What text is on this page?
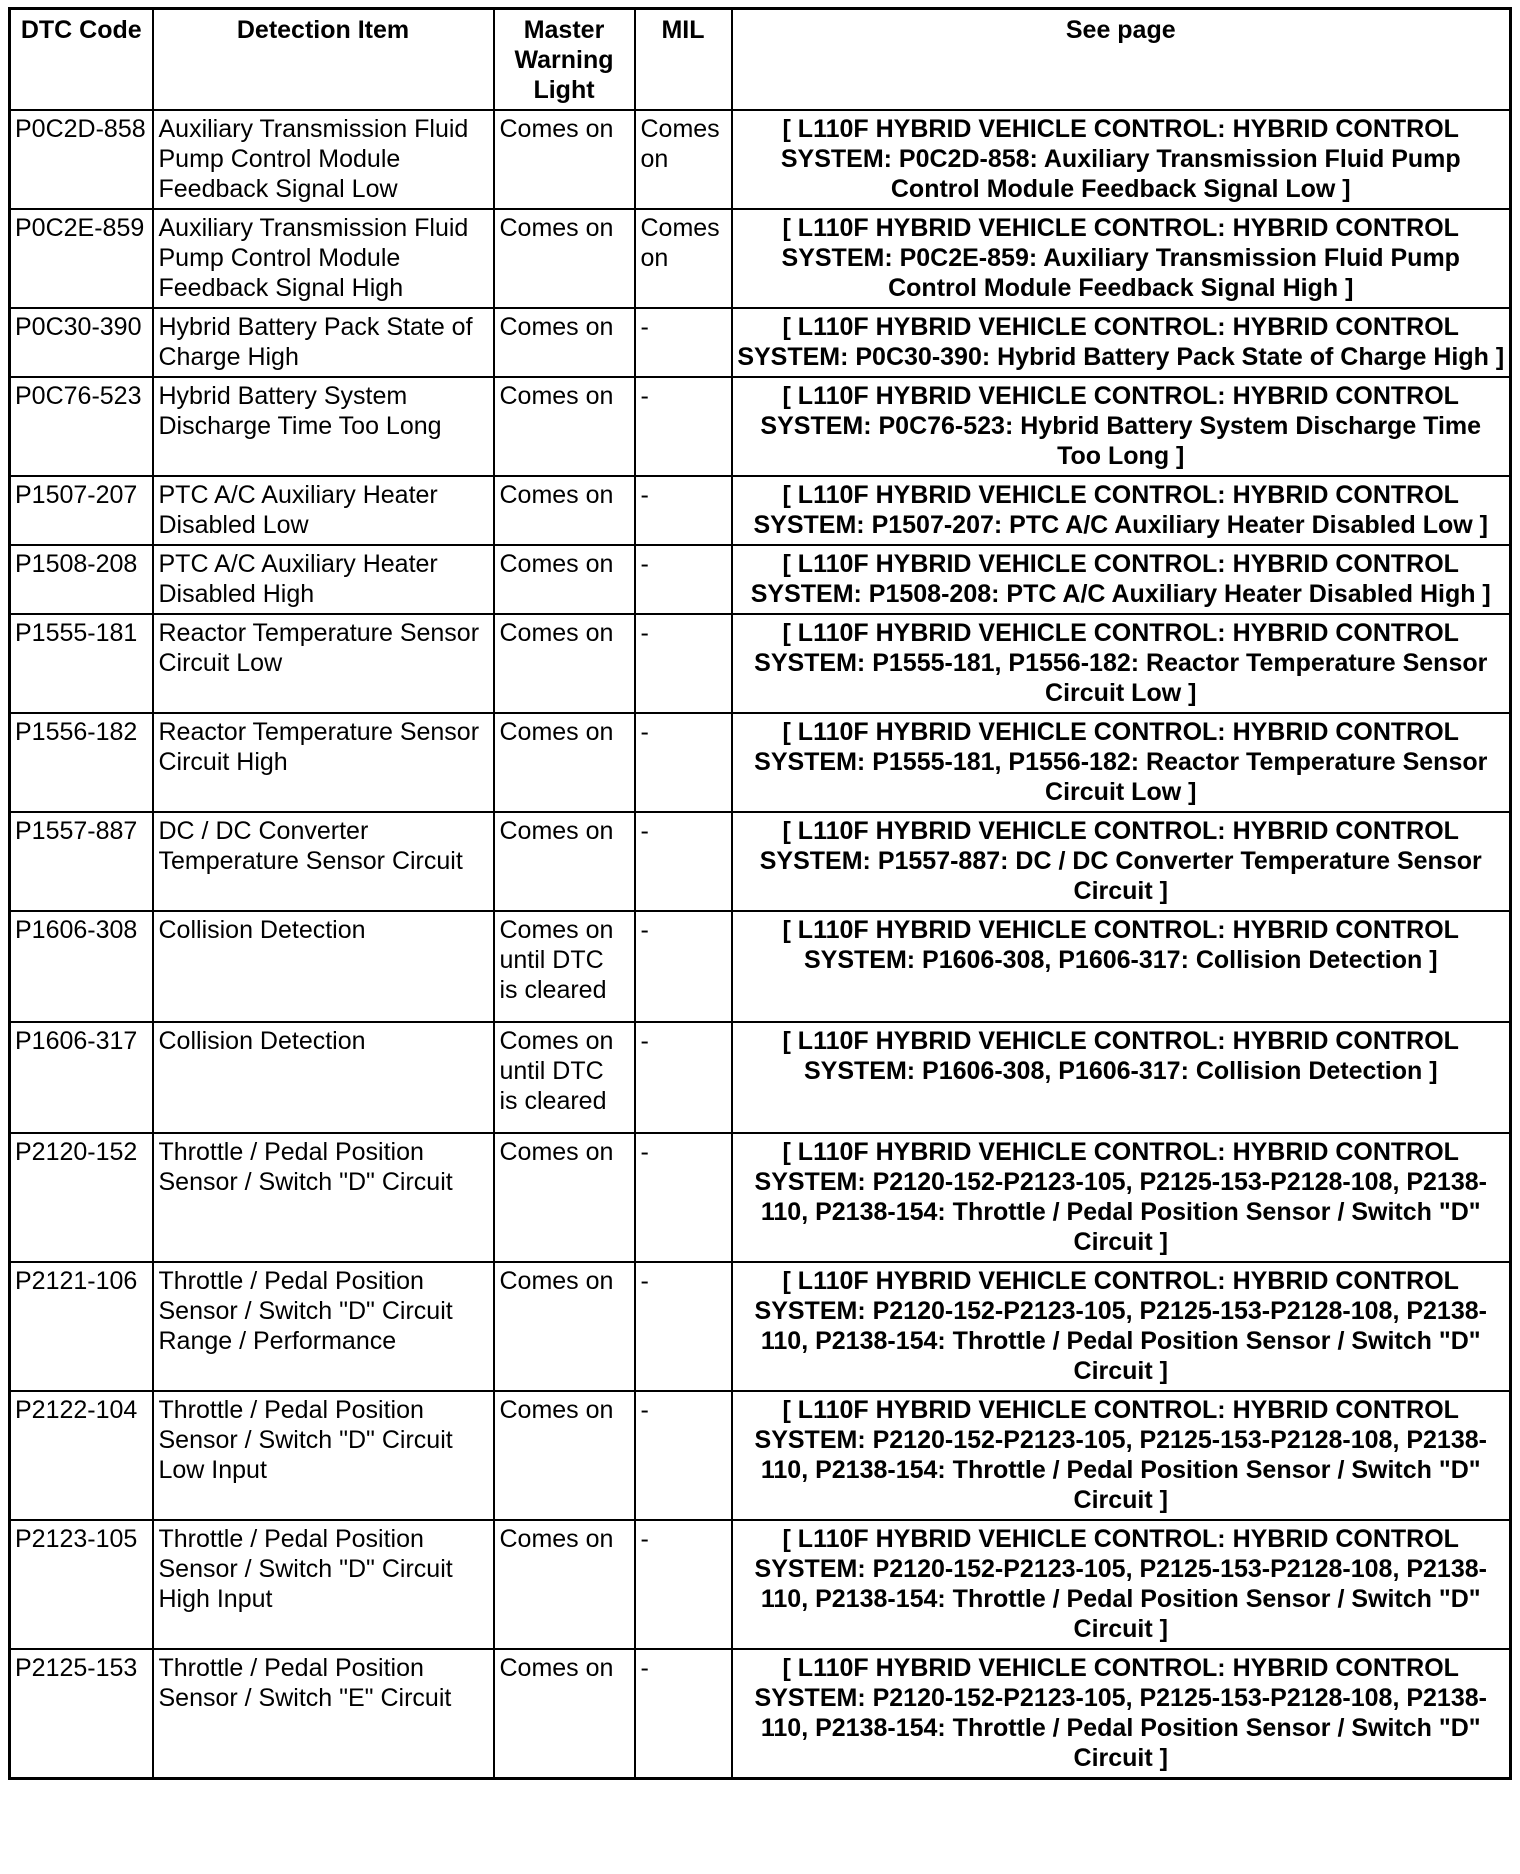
DTC Code	Detection Item	Master Warning Light	MIL	See page
P0C2D-858	Auxiliary Transmission Fluid Pump Control Module Feedback Signal Low	Comes on	Comes on	[ L110F HYBRID VEHICLE CONTROL: HYBRID CONTROL SYSTEM: P0C2D-858: Auxiliary Transmission Fluid Pump Control Module Feedback Signal Low ]
P0C2E-859	Auxiliary Transmission Fluid Pump Control Module Feedback Signal High	Comes on	Comes on	[ L110F HYBRID VEHICLE CONTROL: HYBRID CONTROL SYSTEM: P0C2E-859: Auxiliary Transmission Fluid Pump Control Module Feedback Signal High ]
P0C30-390	Hybrid Battery Pack State of Charge High	Comes on	-	[ L110F HYBRID VEHICLE CONTROL: HYBRID CONTROL SYSTEM: P0C30-390: Hybrid Battery Pack State of Charge High ]
P0C76-523	Hybrid Battery System Discharge Time Too Long	Comes on	-	[ L110F HYBRID VEHICLE CONTROL: HYBRID CONTROL SYSTEM: P0C76-523: Hybrid Battery System Discharge Time Too Long ]
P1507-207	PTC A/C Auxiliary Heater Disabled Low	Comes on	-	[ L110F HYBRID VEHICLE CONTROL: HYBRID CONTROL SYSTEM: P1507-207: PTC A/C Auxiliary Heater Disabled Low ]
P1508-208	PTC A/C Auxiliary Heater Disabled High	Comes on	-	[ L110F HYBRID VEHICLE CONTROL: HYBRID CONTROL SYSTEM: P1508-208: PTC A/C Auxiliary Heater Disabled High ]
P1555-181	Reactor Temperature Sensor Circuit Low	Comes on	-	[ L110F HYBRID VEHICLE CONTROL: HYBRID CONTROL SYSTEM: P1555-181, P1556-182: Reactor Temperature Sensor Circuit Low ]
P1556-182	Reactor Temperature Sensor Circuit High	Comes on	-	[ L110F HYBRID VEHICLE CONTROL: HYBRID CONTROL SYSTEM: P1555-181, P1556-182: Reactor Temperature Sensor Circuit Low ]
P1557-887	DC / DC Converter Temperature Sensor Circuit	Comes on	-	[ L110F HYBRID VEHICLE CONTROL: HYBRID CONTROL SYSTEM: P1557-887: DC / DC Converter Temperature Sensor Circuit ]
P1606-308	Collision Detection	Comes on until DTC is cleared	-	[ L110F HYBRID VEHICLE CONTROL: HYBRID CONTROL SYSTEM: P1606-308, P1606-317: Collision Detection ]
P1606-317	Collision Detection	Comes on until DTC is cleared	-	[ L110F HYBRID VEHICLE CONTROL: HYBRID CONTROL SYSTEM: P1606-308, P1606-317: Collision Detection ]
P2120-152	Throttle / Pedal Position Sensor / Switch "D" Circuit	Comes on	-	[ L110F HYBRID VEHICLE CONTROL: HYBRID CONTROL SYSTEM: P2120-152-P2123-105, P2125-153-P2128-108, P2138-110, P2138-154: Throttle / Pedal Position Sensor / Switch "D" Circuit ]
P2121-106	Throttle / Pedal Position Sensor / Switch "D" Circuit Range / Performance	Comes on	-	[ L110F HYBRID VEHICLE CONTROL: HYBRID CONTROL SYSTEM: P2120-152-P2123-105, P2125-153-P2128-108, P2138-110, P2138-154: Throttle / Pedal Position Sensor / Switch "D" Circuit ]
P2122-104	Throttle / Pedal Position Sensor / Switch "D" Circuit Low Input	Comes on	-	[ L110F HYBRID VEHICLE CONTROL: HYBRID CONTROL SYSTEM: P2120-152-P2123-105, P2125-153-P2128-108, P2138-110, P2138-154: Throttle / Pedal Position Sensor / Switch "D" Circuit ]
P2123-105	Throttle / Pedal Position Sensor / Switch "D" Circuit High Input	Comes on	-	[ L110F HYBRID VEHICLE CONTROL: HYBRID CONTROL SYSTEM: P2120-152-P2123-105, P2125-153-P2128-108, P2138-110, P2138-154: Throttle / Pedal Position Sensor / Switch "D" Circuit ]
P2125-153	Throttle / Pedal Position Sensor / Switch "E" Circuit	Comes on	-	[ L110F HYBRID VEHICLE CONTROL: HYBRID CONTROL SYSTEM: P2120-152-P2123-105, P2125-153-P2128-108, P2138-110, P2138-154: Throttle / Pedal Position Sensor / Switch "D" Circuit ]
